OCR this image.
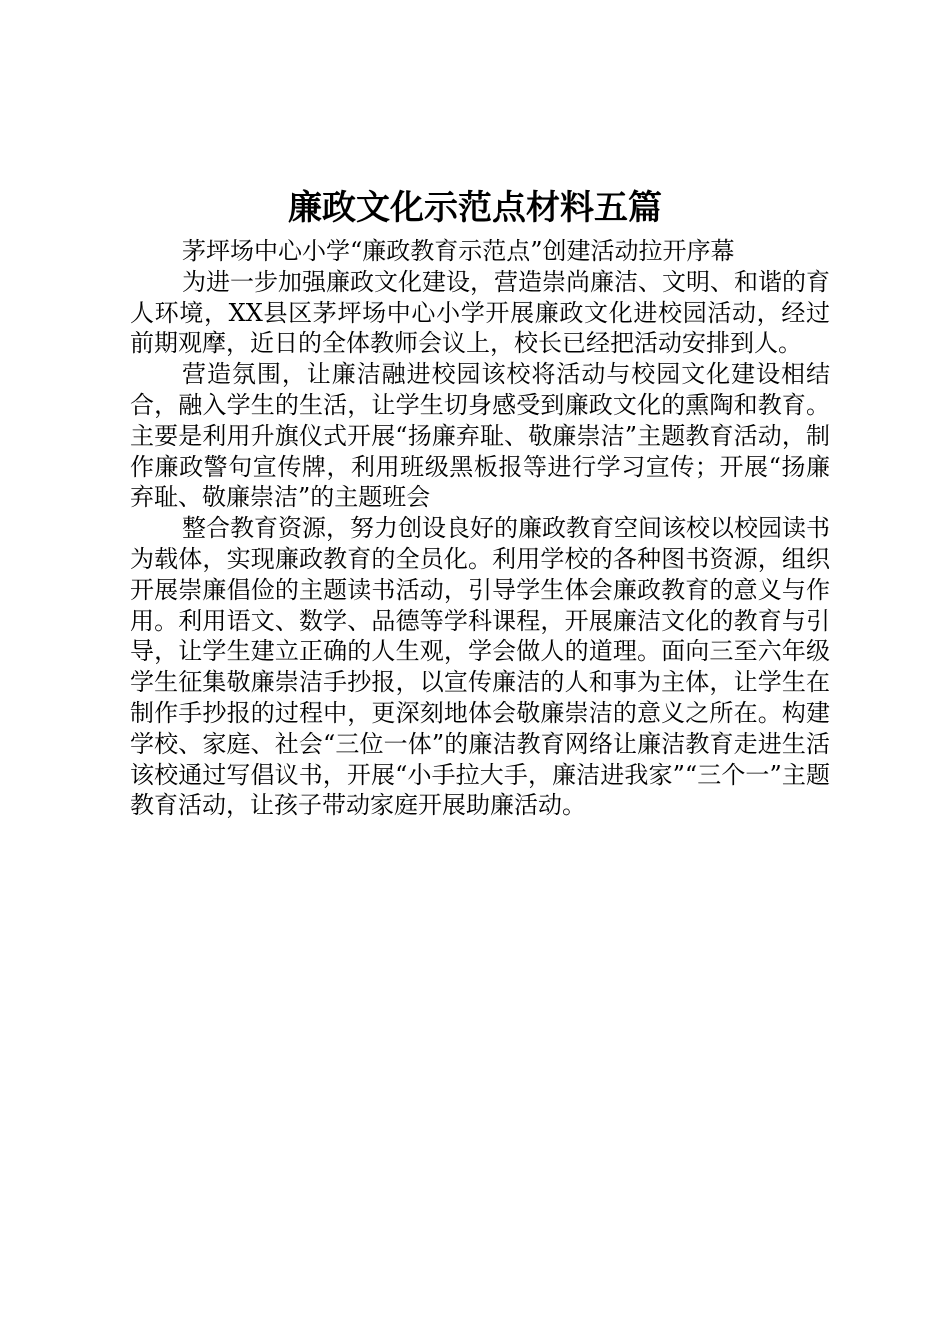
廉政文化示范点材料五篇

茅坪场中心小学“廉政教育示范点”创建活动拉开序幕

为进一步加强廉政文化建设，营造崇尚廉洁、文明、和谐的育人环境，XX县区茅坪场中心小学开展廉政文化进校园活动，经过前期观摩，近日的全体教师会议上，校长已经把活动安排到人。

营造氛围，让廉洁融进校园该校将活动与校园文化建设相结合，融入学生的生活，让学生切身感受到廉政文化的熏陶和教育。主要是利用升旗仪式开展“扬廉弃耻、敬廉崇洁”主题教育活动，制作廉政警句宣传牌，利用班级黑板报等进行学习宣传；开展“扬廉弃耻、敬廉崇洁”的主题班会

整合教育资源，努力创设良好的廉政教育空间该校以校园读书为载体，实现廉政教育的全员化。利用学校的各种图书资源，组织开展崇廉倡俭的主题读书活动，引导学生体会廉政教育的意义与作用。利用语文、数学、品德等学科课程，开展廉洁文化的教育与引导，让学生建立正确的人生观，学会做人的道理。面向三至六年级学生征集敬廉崇洁手抄报，以宣传廉洁的人和事为主体，让学生在制作手抄报的过程中，更深刻地体会敬廉崇洁的意义之所在。构建学校、家庭、社会“三位一体”的廉洁教育网络让廉洁教育走进生活该校通过写倡议书，开展“小手拉大手，廉洁进我家”“三个一”主题教育活动，让孩子带动家庭开展助廉活动。
